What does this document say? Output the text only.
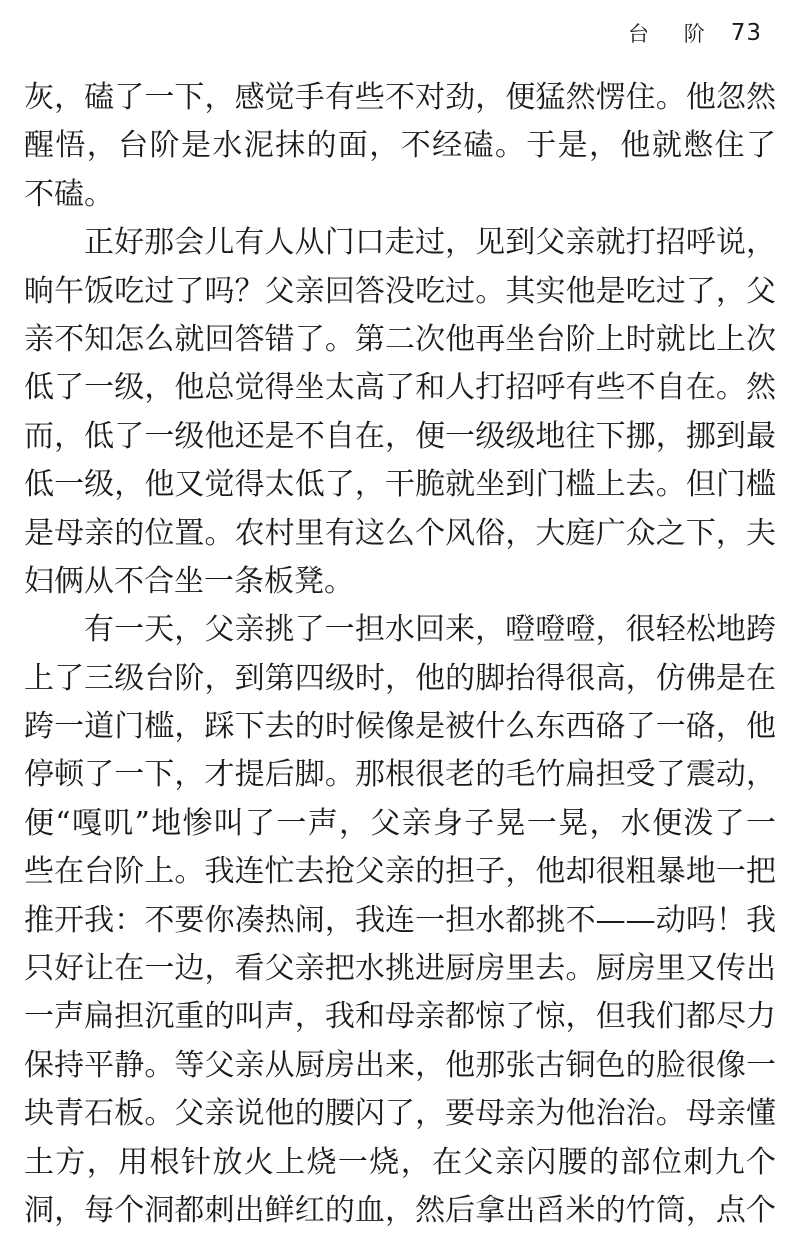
台 阶 73
灰，磕了一下，感觉手有些不对劲，便猛然愣住。他忽然
醒悟，台阶是水泥抹的面，不经磕。于是，他就憋住了
不磕。
正好那会儿有人从门口走过，见到父亲就打招呼说，
晌午饭吃过了吗？父亲回答没吃过。其实他是吃过了，父
亲不知怎么就回答错了。第二次他再坐台阶上时就比上次
低了一级，他总觉得坐太高了和人打招呼有些不自在。然
而，低了一级他还是不自在，便一级级地往下挪，挪到最
低一级，他又觉得太低了，干脆就坐到门槛上去。但门槛
是母亲的位置。农村里有这么个风俗，大庭广众之下，夫
妇俩从不合坐一条板凳。
有一天，父亲挑了一担水回来，噔噔噔，很轻松地跨
上了三级台阶，到第四级时，他的脚抬得很高，仿佛是在
跨一道门槛，踩下去的时候像是被什么东西硌了一硌，他
停顿了一下，才提后脚。那根很老的毛竹扁担受了震动，
便“嘎叽”地惨叫了一声，父亲身子晃一晃，水便泼了一
些在台阶上。我连忙去抢父亲的担子，他却很粗暴地一把
推开我：不要你凑热闹，我连一担水都挑不——动吗！我
只好让在一边，看父亲把水挑进厨房里去。厨房里又传出
一声扁担沉重的叫声，我和母亲都惊了惊，但我们都尽力
保持平静。等父亲从厨房出来，他那张古铜色的脸很像一
块青石板。父亲说他的腰闪了，要母亲为他治治。母亲懂
土方，用根针放火上烧一烧，在父亲闪腰的部位刺九个
洞，每个洞都刺出鲜红的血，然后拿出舀米的竹筒，点个
